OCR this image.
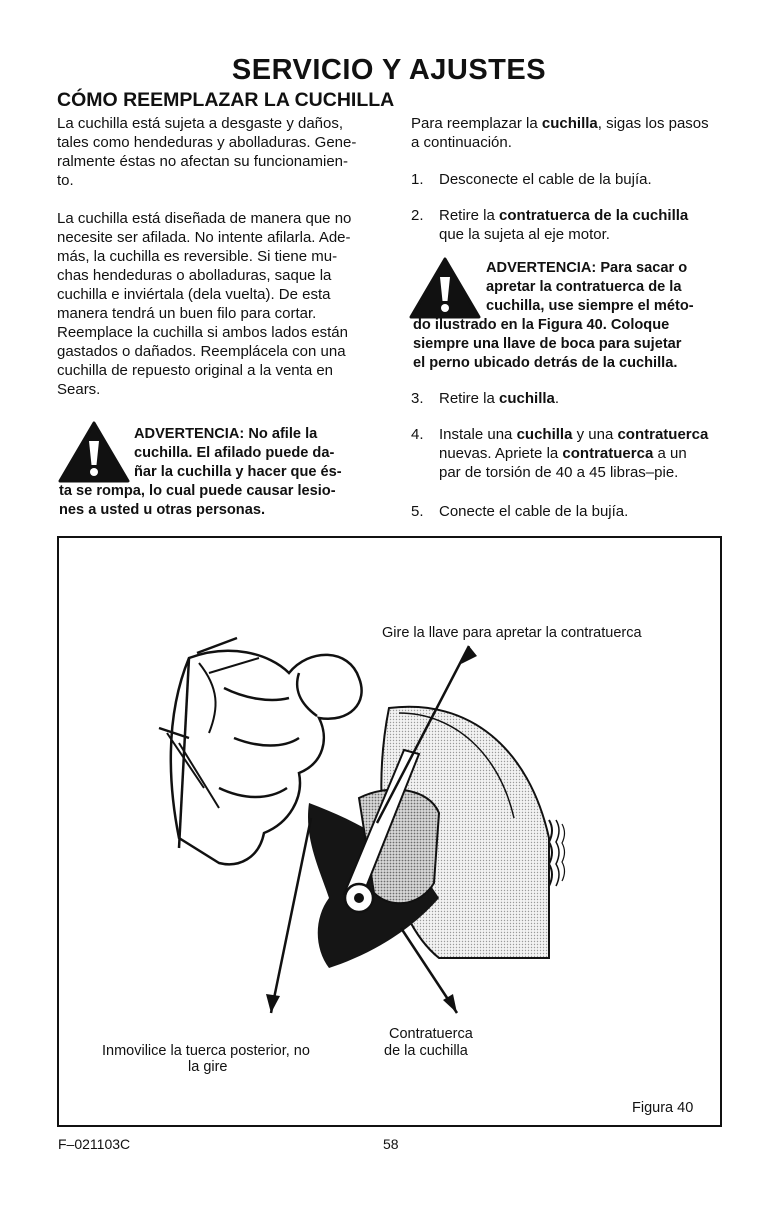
SERVICIO Y AJUSTES
CÓMO REEMPLAZAR LA CUCHILLA
La cuchilla está sujeta a desgaste y daños,
tales como hendeduras y abolladuras. Gene-
ralmente éstas no afectan su funcionamien-
to.
La cuchilla está diseñada de manera que no
necesite ser afilada. No intente afilarla. Ade-
más, la cuchilla es reversible. Si tiene mu-
chas hendeduras o abolladuras, saque la
cuchilla e inviértala (dela vuelta). De esta
manera tendrá un buen filo para cortar.
Reemplace la cuchilla si ambos lados están
gastados o dañados. Reemplácela con una
cuchilla de repuesto original a la venta en
Sears.
ADVERTENCIA: No afile la
cuchilla. El afilado puede da-
ñar la cuchilla y hacer que és-
ta se rompa, lo cual puede causar lesio-
nes a usted u otras personas.
Para reemplazar la cuchilla, sigas los pasos
a continuación.
1. Desconecte el cable de la bujía.
2. Retire la contratuerca de la cuchilla
que la sujeta al eje motor.
ADVERTENCIA: Para sacar o
apretar la contratuerca de la
cuchilla, use siempre el méto-
do ilustrado en la Figura 40. Coloque
siempre una llave de boca para sujetar
el perno ubicado detrás de la cuchilla.
3. Retire la cuchilla.
4. Instale una cuchilla y una contratuerca
nuevas. Apriete la contratuerca a un
par de torsión de 40 a 45 libras–pie.
5. Conecte el cable de la bujía.
Gire la llave para apretar la contratuerca
Inmovilice la tuerca posterior, no
la gire
Contratuerca
de la cuchilla
Figura 40
F–021103C	58
